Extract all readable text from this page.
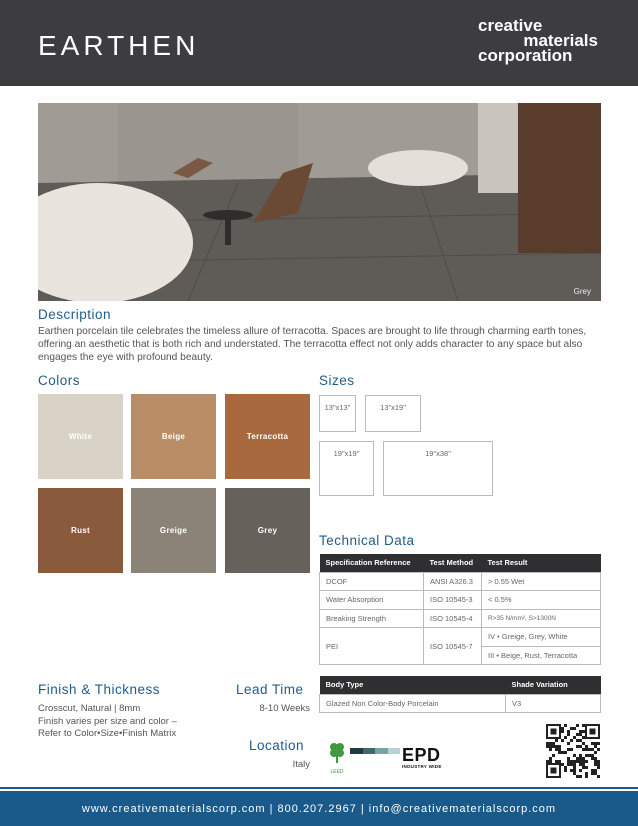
EARTHEN
creative
materials
corporation
Grey
Description
Earthen porcelain tile celebrates the timeless allure of terracotta. Spaces are brought to life through charming earth tones, offering an aesthetic that is both rich and understated. The terracotta effect not only adds character to any space but also engages the eye with profound beauty.
Colors
White	Beige	Terracotta
Rust	Greige	Grey
Sizes
13"x13"	13"x19"
19"x19"	19"x38"
Technical Data
Specification Reference	Test Method	Test Result
DCOF	ANSI A326.3	> 0.55 Wet
Water Absorption	ISO 10545-3	< 0.5%
Breaking Strength	ISO 10545-4	R>35 N/mm², S>1300N
PEI	ISO 10545-7	IV • Greige, Grey, White
		III • Beige, Rust, Terracotta
Body Type	Shade Variation
Glazed Non Color-Body Porcelain	V3
Finish & Thickness
Crosscut, Natural | 8mm
Finish varies per size and color –
Refer to Color•Size•Finish Matrix
Lead Time
8-10 Weeks
Location
Italy
LEED
EPD
INDUSTRY WIDE
www.creativematerialscorp.com | 800.207.2967 | info@creativematerialscorp.com
